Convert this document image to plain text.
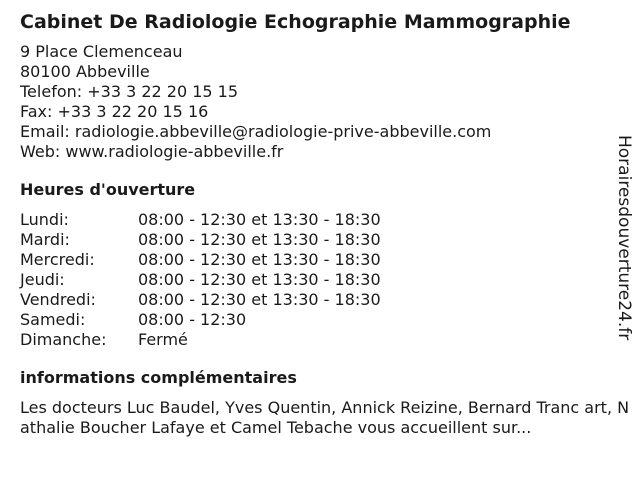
Cabinet De Radiologie Echographie Mammographie
9 Place Clemenceau
80100 Abbeville
Telefon: +33 3 22 20 15 15
Fax: +33 3 22 20 15 16
Email: radiologie.abbeville@radiologie-prive-abbeville.com
Web: www.radiologie-abbeville.fr
Heures d'ouverture
Lundi:	08:00 - 12:30 et 13:30 - 18:30
Mardi:	08:00 - 12:30 et 13:30 - 18:30
Mercredi:	08:00 - 12:30 et 13:30 - 18:30
Jeudi:	08:00 - 12:30 et 13:30 - 18:30
Vendredi:	08:00 - 12:30 et 13:30 - 18:30
Samedi:	08:00 - 12:30
Dimanche:	Fermé
informations complémentaires
Les docteurs Luc Baudel, Yves Quentin, Annick Reizine, Bernard Tranc art, Nathalie Boucher Lafaye et Camel Tebache vous accueillent sur...
Horairesdouverture24.fr
